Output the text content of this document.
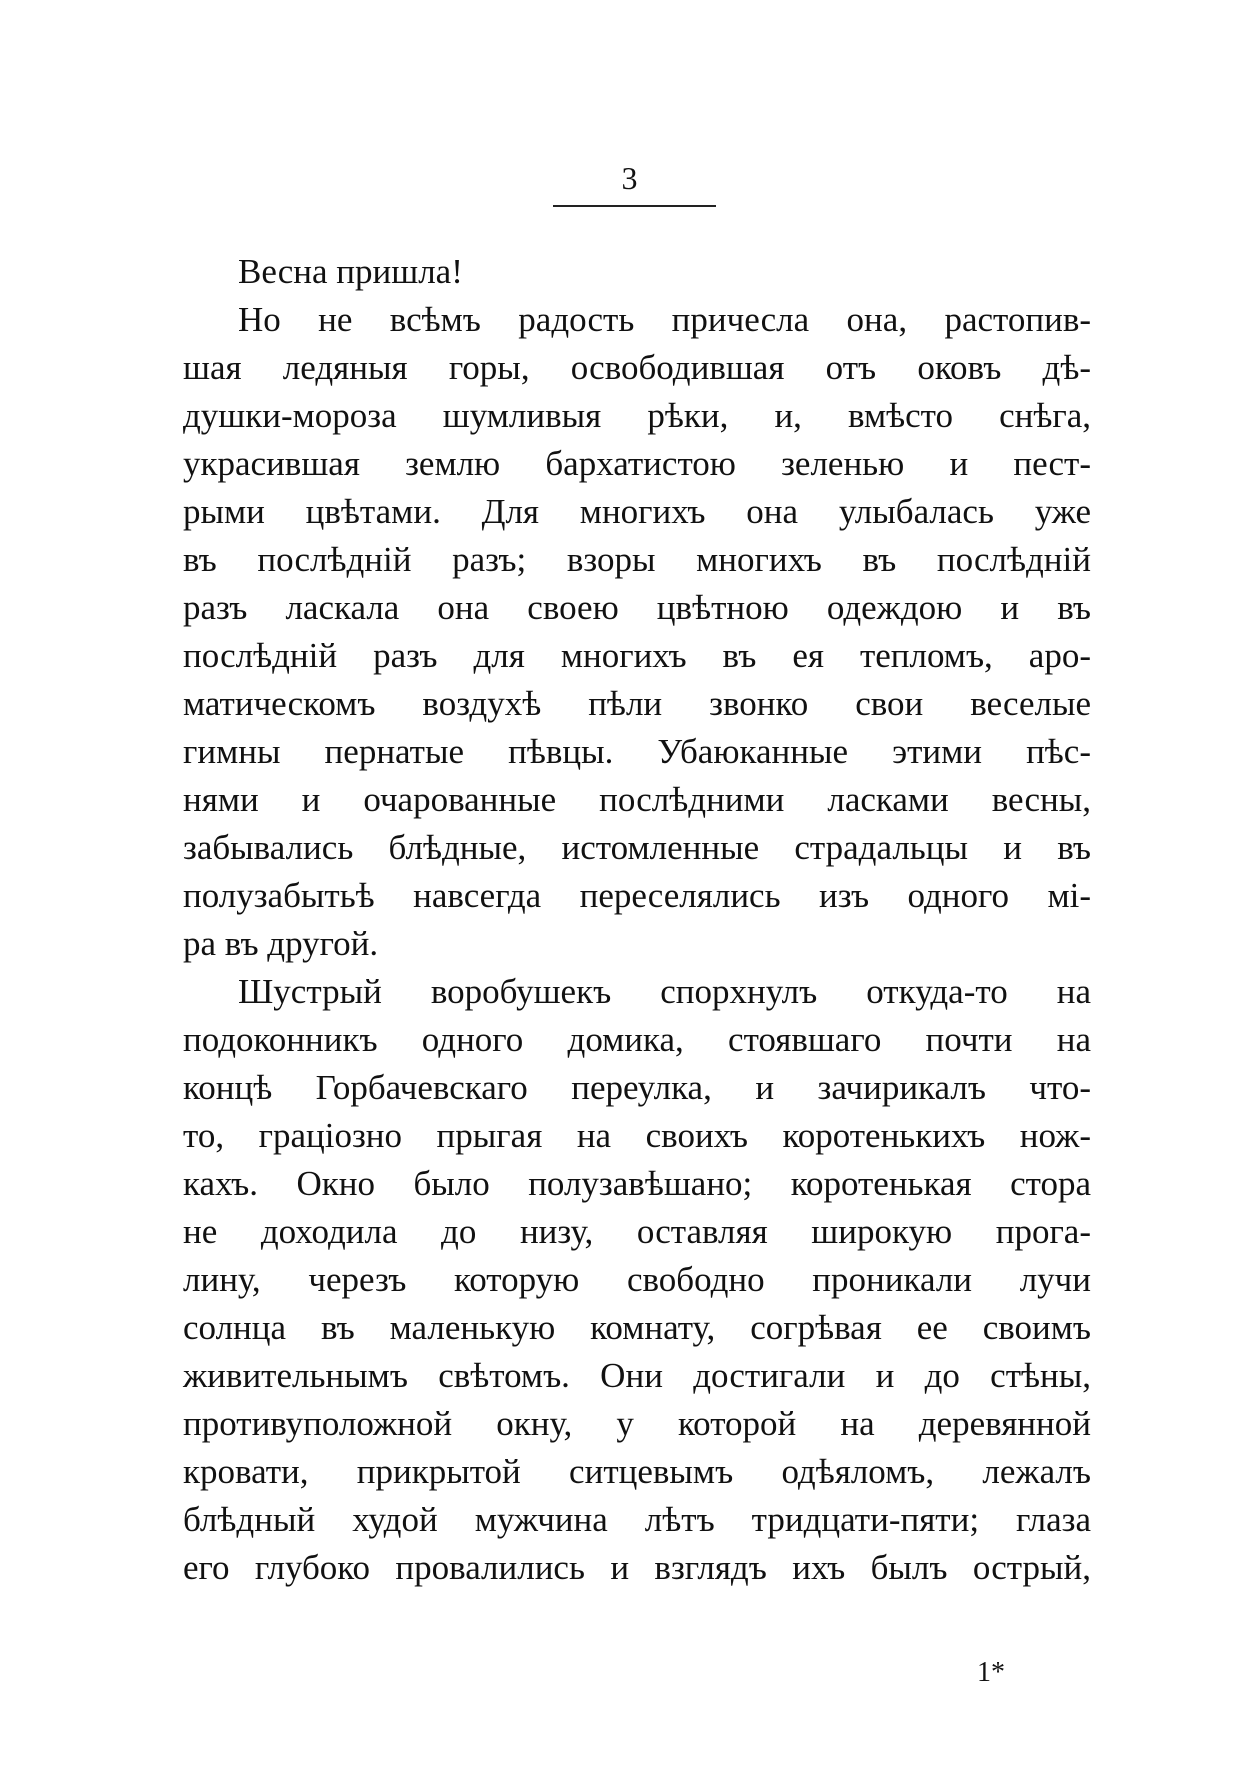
3
Весна пришла!
Но не всѣмъ радость причесла она, растопив-
шая ледяныя горы, освободившая отъ оковъ дѣ-
душки-мороза шумливыя рѣки, и, вмѣсто снѣга,
украсившая землю бархатистою зеленью и пест-
рыми цвѣтами. Для многихъ она улыбалась уже
въ послѣдній разъ; взоры многихъ въ послѣдній
разъ ласкала она своею цвѣтною одеждою и въ
послѣдній разъ для многихъ въ ея тепломъ, аро-
матическомъ воздухѣ пѣли звонко свои веселые
гимны пернатые пѣвцы. Убаюканные этими пѣс-
нями и очарованные послѣдними ласками весны,
забывались блѣдные, истомленные страдальцы и въ
полузабытьѣ навсегда переселялись изъ одного мі-
ра въ другой.
Шустрый воробушекъ спорхнулъ откуда-то на
подоконникъ одного домика, стоявшаго почти на
концѣ Горбачевскаго переулка, и зачирикалъ что-
то, граціозно прыгая на своихъ коротенькихъ нож-
кахъ. Окно было полузавѣшано; коротенькая стора
не доходила до низу, оставляя широкую прога-
лину, черезъ которую свободно проникали лучи
солнца въ маленькую комнату, согрѣвая ее своимъ
живительнымъ свѣтомъ. Они достигали и до стѣны,
противуположной окну, у которой на деревянной
кровати, прикрытой ситцевымъ одѣяломъ, лежалъ
блѣдный худой мужчина лѣтъ тридцати-пяти; глаза
его глубоко провалились и взглядъ ихъ былъ острый,
1*
